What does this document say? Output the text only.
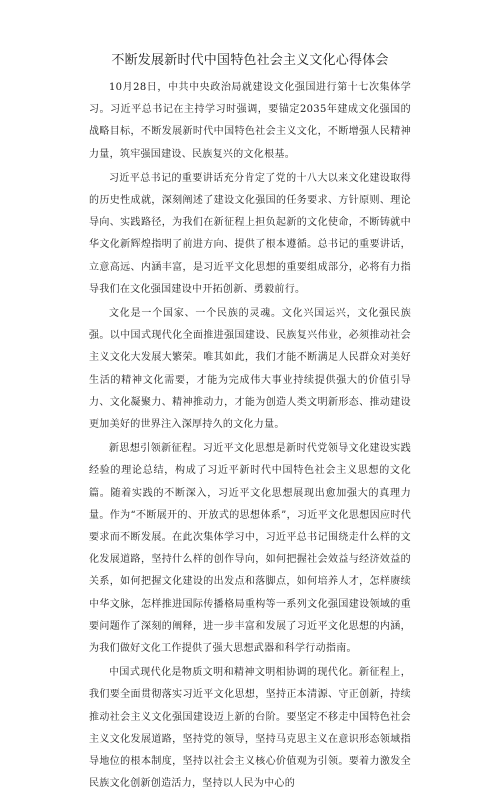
不断发展新时代中国特色社会主义文化心得体会

10月28日，中共中央政治局就建设文化强国进行第十七次集体学习。习近平总书记在主持学习时强调，要锚定2035年建成文化强国的战略目标，不断发展新时代中国特色社会主义文化，不断增强人民精神力量，筑牢强国建设、民族复兴的文化根基。

习近平总书记的重要讲话充分肯定了党的十八大以来文化建设取得的历史性成就，深刻阐述了建设文化强国的任务要求、方针原则、理论导向、实践路径，为我们在新征程上担负起新的文化使命，不断铸就中华文化新辉煌指明了前进方向、提供了根本遵循。总书记的重要讲话，立意高远、内涵丰富，是习近平文化思想的重要组成部分，必将有力指导我们在文化强国建设中开拓创新、勇毅前行。

文化是一个国家、一个民族的灵魂。文化兴国运兴，文化强民族强。以中国式现代化全面推进强国建设、民族复兴伟业，必须推动社会主义文化大发展大繁荣。唯其如此，我们才能不断满足人民群众对美好生活的精神文化需要，才能为完成伟大事业持续提供强大的价值引导力、文化凝聚力、精神推动力，才能为创造人类文明新形态、推动建设更加美好的世界注入深厚持久的文化力量。

新思想引领新征程。习近平文化思想是新时代党领导文化建设实践经验的理论总结，构成了习近平新时代中国特色社会主义思想的文化篇。随着实践的不断深入，习近平文化思想展现出愈加强大的真理力量。作为“不断展开的、开放式的思想体系”，习近平文化思想因应时代要求而不断发展。在此次集体学习中，习近平总书记围绕走什么样的文化发展道路，坚持什么样的创作导向，如何把握社会效益与经济效益的关系，如何把握文化建设的出发点和落脚点，如何培养人才，怎样赓续中华文脉，怎样推进国际传播格局重构等一系列文化强国建设领域的重要问题作了深刻的阐释，进一步丰富和发展了习近平文化思想的内涵，为我们做好文化工作提供了强大思想武器和科学行动指南。

中国式现代化是物质文明和精神文明相协调的现代化。新征程上，我们要全面贯彻落实习近平文化思想，坚持正本清源、守正创新，持续推动社会主义文化强国建设迈上新的台阶。要坚定不移走中国特色社会主义文化发展道路，坚持党的领导，坚持马克思主义在意识形态领域指导地位的根本制度，坚持以社会主义核心价值观为引领。要着力激发全民族文化创新创造活力，坚持以人民为中心的
